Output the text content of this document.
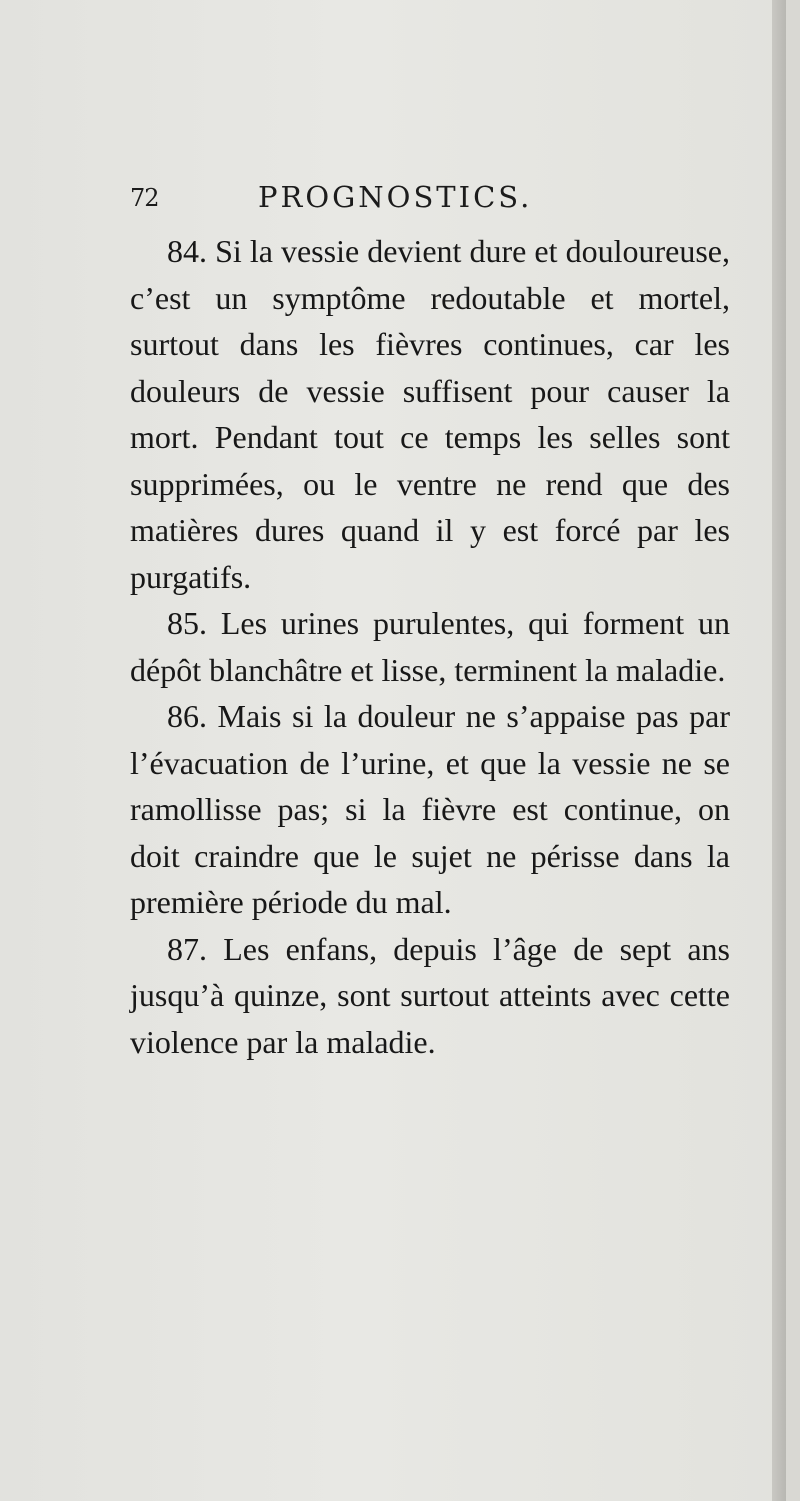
72	PROGNOSTICS.

84. Si la vessie devient dure et douloureuse, c’est un symptôme redoutable et mortel, surtout dans les fièvres continues, car les douleurs de vessie suffisent pour causer la mort. Pendant tout ce temps les selles sont supprimées, ou le ventre ne rend que des matières dures quand il y est forcé par les purgatifs.

85. Les urines purulentes, qui forment un dépôt blanchâtre et lisse, terminent la maladie.

86. Mais si la douleur ne s’appaise pas par l’évacuation de l’urine, et que la vessie ne se ramollisse pas; si la fièvre est continue, on doit craindre que le sujet ne périsse dans la première période du mal.

87. Les enfans, depuis l’âge de sept ans jusqu’à quinze, sont surtout atteints avec cette violence par la maladie.
